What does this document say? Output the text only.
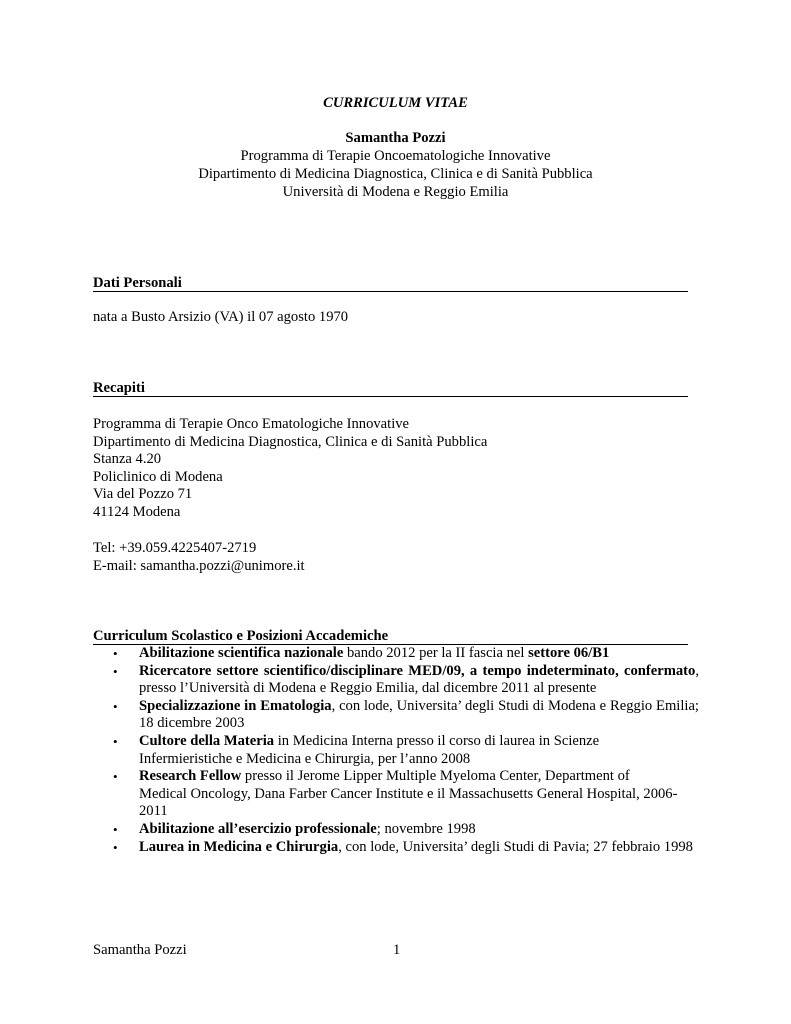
CURRICULUM VITAE
Samantha Pozzi
Programma di Terapie Oncoematologiche Innovative
Dipartimento di Medicina Diagnostica, Clinica e di Sanità Pubblica
Università di Modena e Reggio Emilia
Dati Personali
nata a Busto Arsizio (VA) il 07 agosto 1970
Recapiti
Programma di Terapie Onco Ematologiche Innovative
Dipartimento di Medicina Diagnostica, Clinica e di Sanità Pubblica
Stanza 4.20
Policlinico di Modena
Via del Pozzo 71
41124 Modena
Tel: +39.059.4225407-2719
E-mail: samantha.pozzi@unimore.it
Curriculum Scolastico e Posizioni Accademiche
• Abilitazione scientifica nazionale bando 2012 per la II fascia nel settore 06/B1
• Ricercatore settore scientifico/disciplinare MED/09, a tempo indeterminato, confermato, presso l’Università di Modena e Reggio Emilia, dal dicembre 2011 al presente
• Specializzazione in Ematologia, con lode, Universita’ degli Studi di Modena e Reggio Emilia; 18 dicembre 2003
• Cultore della Materia in Medicina Interna presso il corso di laurea in Scienze Infermieristiche e Medicina e Chirurgia, per l’anno 2008
• Research Fellow presso il Jerome Lipper Multiple Myeloma Center, Department of Medical Oncology, Dana Farber Cancer Institute e il Massachusetts General Hospital, 2006-2011
• Abilitazione all’esercizio professionale; novembre 1998
• Laurea in Medicina e Chirurgia, con lode, Universita’ degli Studi di Pavia; 27 febbraio 1998
Samantha Pozzi	1
